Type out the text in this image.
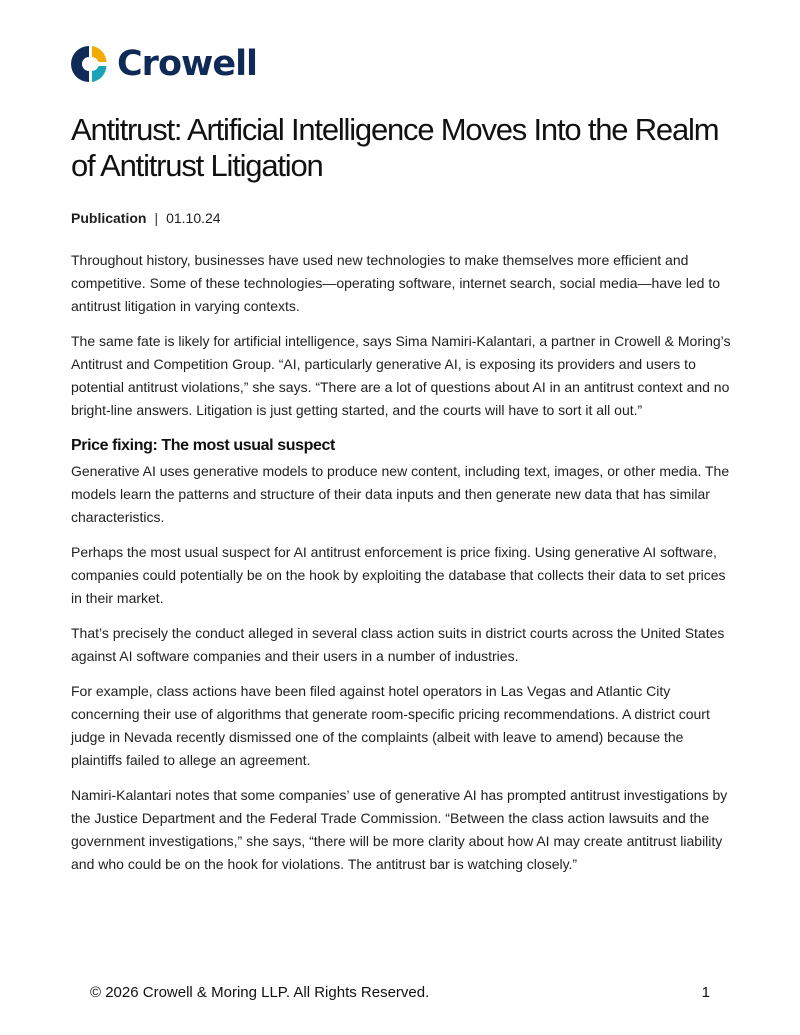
Crowell
Antitrust: Artificial Intelligence Moves Into the Realm of Antitrust Litigation
Publication | 01.10.24

Throughout history, businesses have used new technologies to make themselves more efficient and competitive. Some of these technologies—operating software, internet search, social media—have led to antitrust litigation in varying contexts.

The same fate is likely for artificial intelligence, says Sima Namiri-Kalantari, a partner in Crowell & Moring’s Antitrust and Competition Group. “AI, particularly generative AI, is exposing its providers and users to potential antitrust violations,” she says. “There are a lot of questions about AI in an antitrust context and no bright-line answers. Litigation is just getting started, and the courts will have to sort it all out.”

Price fixing: The most usual suspect

Generative AI uses generative models to produce new content, including text, images, or other media. The models learn the patterns and structure of their data inputs and then generate new data that has similar characteristics.

Perhaps the most usual suspect for AI antitrust enforcement is price fixing. Using generative AI software, companies could potentially be on the hook by exploiting the database that collects their data to set prices in their market.

That’s precisely the conduct alleged in several class action suits in district courts across the United States against AI software companies and their users in a number of industries.

For example, class actions have been filed against hotel operators in Las Vegas and Atlantic City concerning their use of algorithms that generate room-specific pricing recommendations. A district court judge in Nevada recently dismissed one of the complaints (albeit with leave to amend) because the plaintiffs failed to allege an agreement.

Namiri-Kalantari notes that some companies’ use of generative AI has prompted antitrust investigations by the Justice Department and the Federal Trade Commission. “Between the class action lawsuits and the government investigations,” she says, “there will be more clarity about how AI may create antitrust liability and who could be on the hook for violations. The antitrust bar is watching closely.”

© 2026 Crowell & Moring LLP. All Rights Reserved.	1
